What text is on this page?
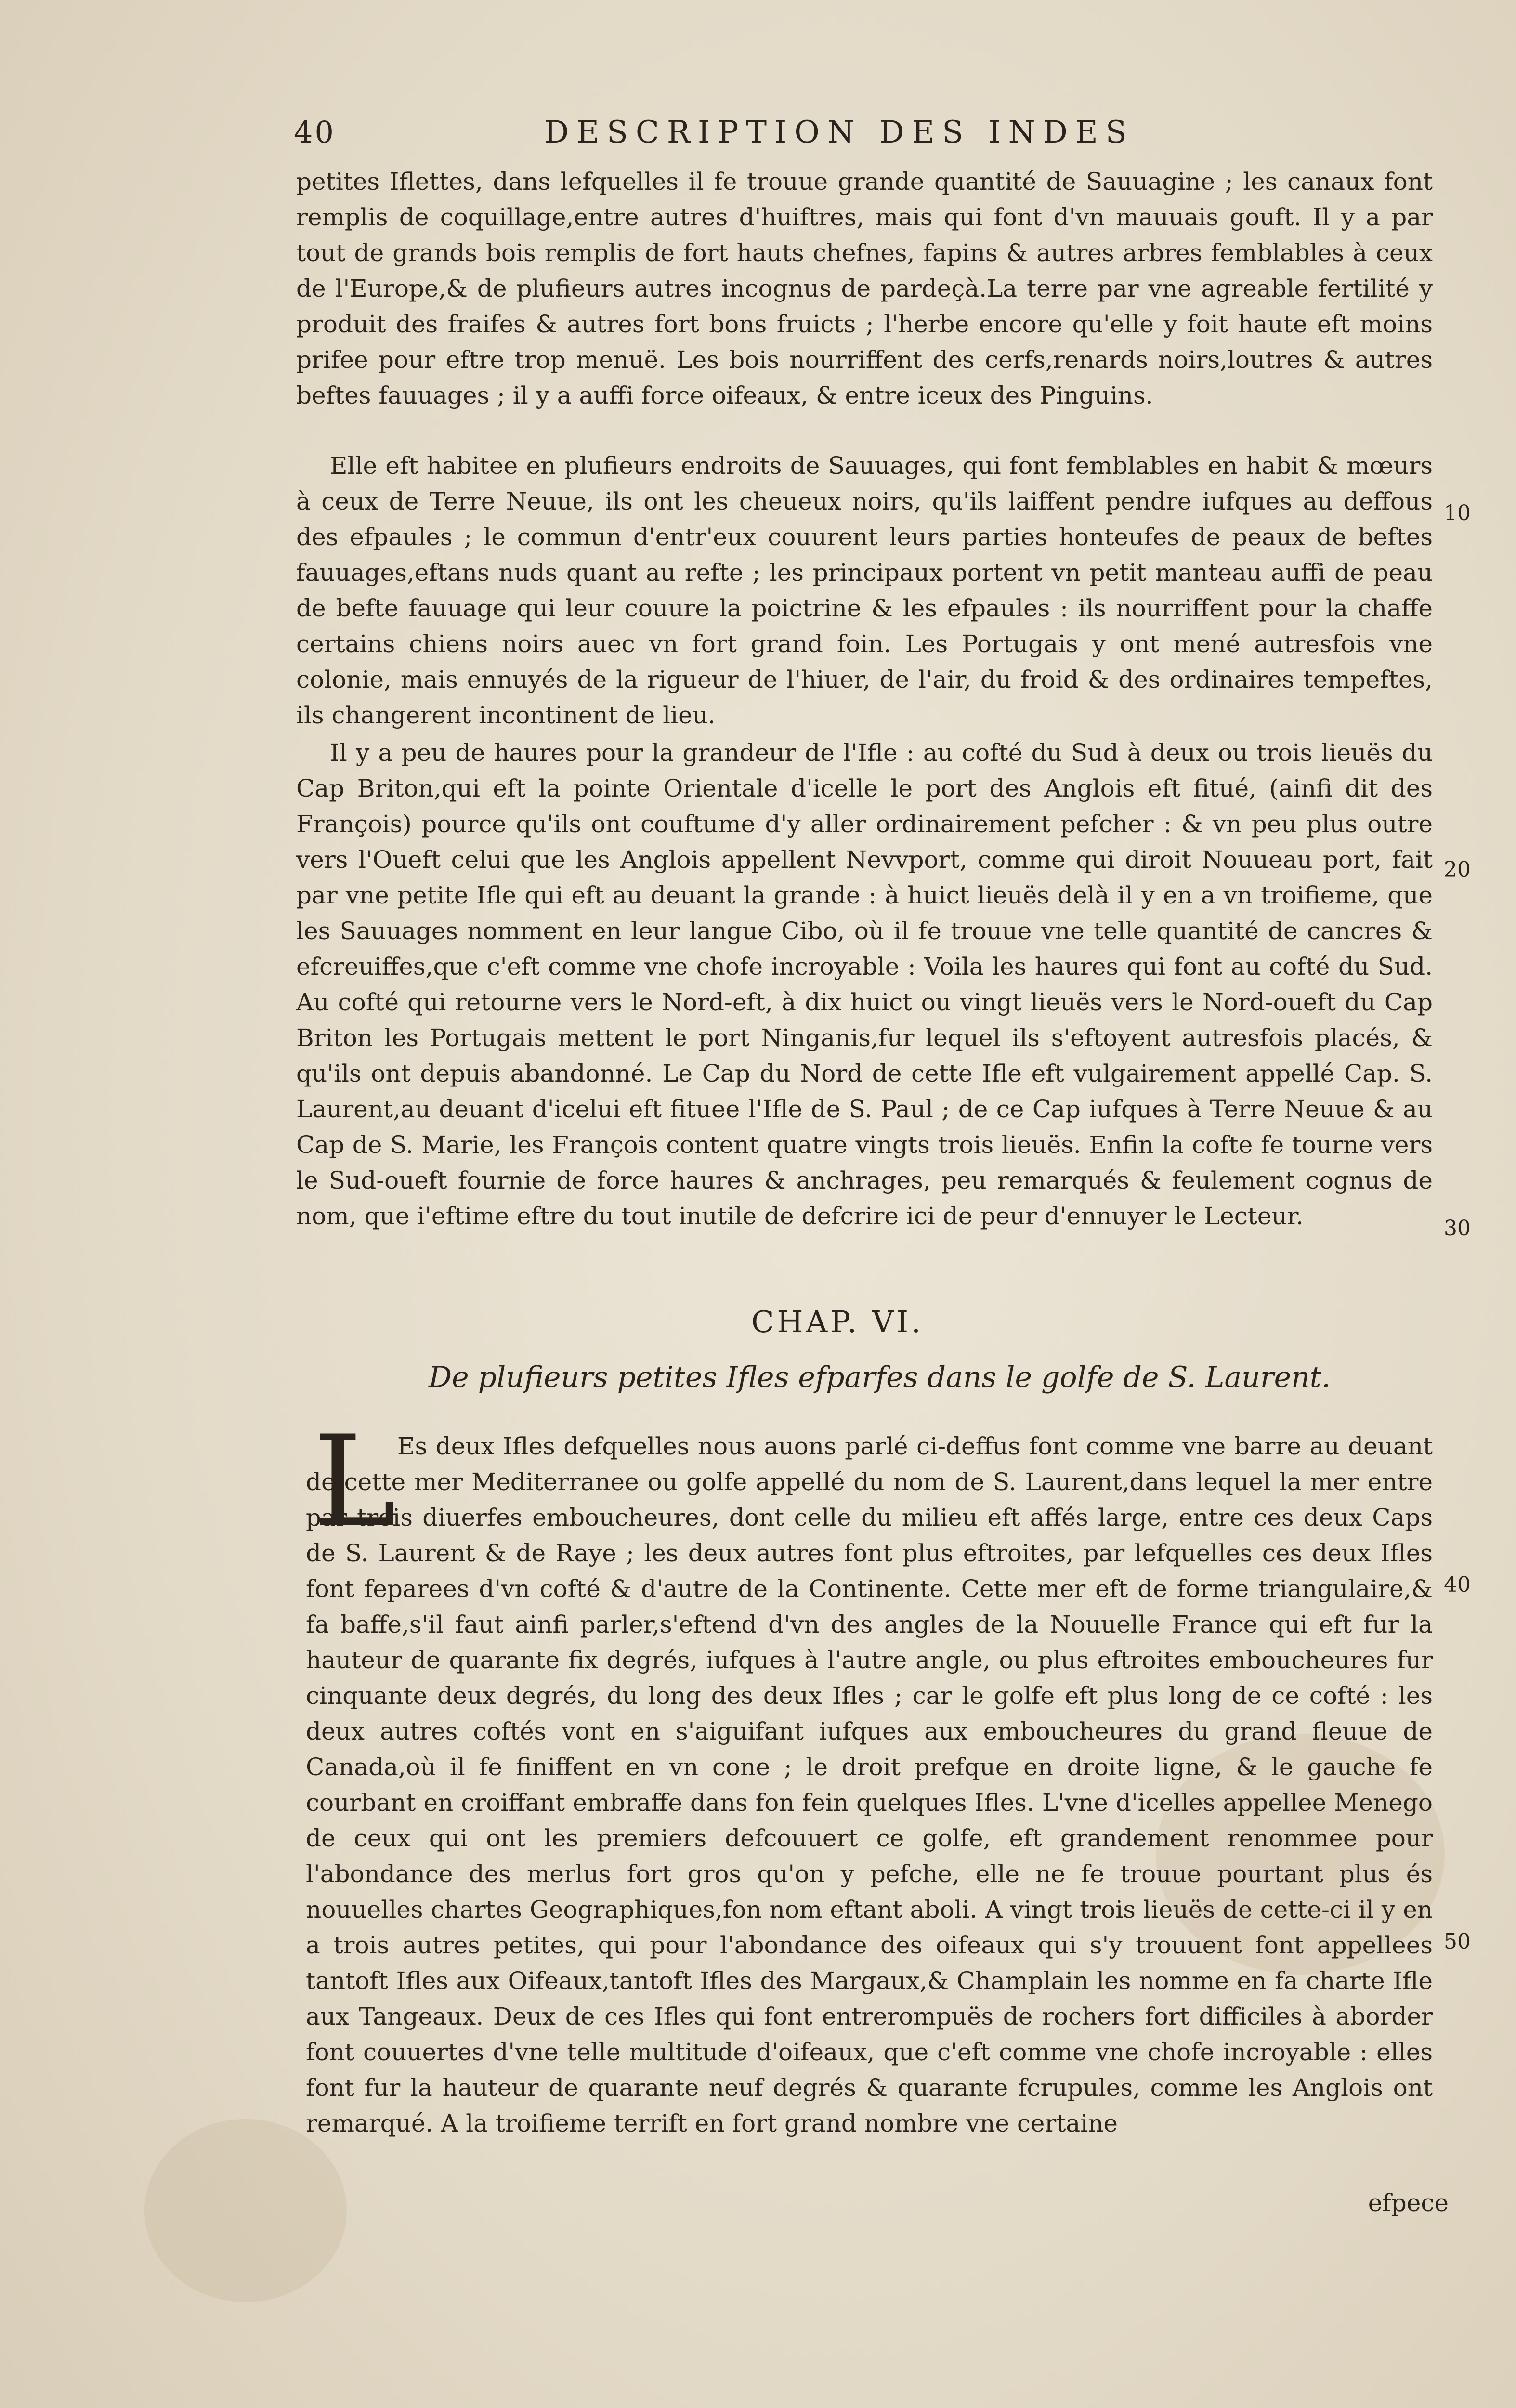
40	DESCRIPTION DES INDES

petites Iflettes, dans lefquelles il fe trouue grande quantité de Sauuagine ; les canaux font remplis de coquillage,entre autres d'huiftres, mais qui font d'vn mauuais gouft. Il y a par tout de grands bois remplis de fort hauts chefnes, fapins & autres arbres femblables à ceux de l'Europe,& de plufieurs autres incognus de pardeçà.La terre par vne agreable fertilité y produit des fraifes & autres fort bons fruicts ; l'herbe encore qu'elle y foit haute eft moins prifee pour eftre trop menuë. Les bois nourriffent des cerfs,renards noirs,loutres & autres beftes fauuages ; il y a auffi force oifeaux, & entre iceux des Pinguins.

Elle eft habitee en plufieurs endroits de Sauuages, qui font femblables en habit & mœurs à ceux de Terre Neuue, ils ont les cheueux noirs, qu'ils laiffent pendre iufques au deffous des efpaules ; le commun d'entr'eux couurent leurs parties honteufes de peaux de beftes fauuages,eftans nuds quant au refte ; les principaux portent vn petit manteau auffi de peau de befte fauuage qui leur couure la poictrine & les efpaules : ils nourriffent pour la chaffe certains chiens noirs auec vn fort grand foin. Les Portugais y ont mené autresfois vne colonie, mais ennuyés de la rigueur de l'hiuer, de l'air, du froid & des ordinaires tempeftes, ils changerent incontinent de lieu.

Il y a peu de haures pour la grandeur de l'Ifle : au cofté du Sud à deux ou trois lieuës du Cap Briton,qui eft la pointe Orientale d'icelle le port des Anglois eft fitué, (ainfi dit des François) pource qu'ils ont couftume d'y aller ordinairement pefcher : & vn peu plus outre vers l'Oueft celui que les Anglois appellent Nevvport, comme qui diroit Nouueau port, fait par vne petite Ifle qui eft au deuant la grande : à huict lieuës delà il y en a vn troifieme, que les Sauuages nomment en leur langue Cibo, où il fe trouue vne telle quantité de cancres & efcreuiffes,que c'eft comme vne chofe incroyable : Voila les haures qui font au cofté du Sud. Au cofté qui retourne vers le Nord-eft, à dix huict ou vingt lieuës vers le Nord-oueft du Cap Briton les Portugais mettent le port Ninganis,fur lequel ils s'eftoyent autresfois placés, & qu'ils ont depuis abandonné. Le Cap du Nord de cette Ifle eft vulgairement appellé Cap. S. Laurent,au deuant d'icelui eft fituee l'Ifle de S. Paul ; de ce Cap iufques à Terre Neuue & au Cap de S. Marie, les François content quatre vingts trois lieuës. Enfin la cofte fe tourne vers le Sud-oueft fournie de force haures & anchrages, peu remarqués & feulement cognus de nom, que i'eftime eftre du tout inutile de defcrire ici de peur d'ennuyer le Lecteur.

CHAP. VI.
De plufieurs petites Ifles efparfes dans le golfe de S. Laurent.
L Es deux Ifles defquelles nous auons parlé ci-deffus font comme vne barre au deuant de cette mer Mediterranee ou golfe appellé du nom de S. Laurent,dans lequel la mer entre par trois diuerfes emboucheures, dont celle du milieu eft affés large, entre ces deux Caps de S. Laurent & de Raye ; les deux autres font plus eftroites, par lefquelles ces deux Ifles font feparees d'vn cofté & d'autre de la Continente. Cette mer eft de forme triangulaire,& fa baffe,s'il faut ainfi parler,s'eftend d'vn des angles de la Nouuelle France qui eft fur la hauteur de quarante fix degrés, iufques à l'autre angle, ou plus eftroites emboucheures fur cinquante deux degrés, du long des deux Ifles ; car le golfe eft plus long de ce cofté : les deux autres coftés vont en s'aiguifant iufques aux emboucheures du grand fleuue de Canada,où il fe finiffent en vn cone ; le droit prefque en droite ligne, & le gauche fe courbant en croiffant embraffe dans fon fein quelques Ifles. L'vne d'icelles appellee Menego de ceux qui ont les premiers defcouuert ce golfe, eft grandement renommee pour l'abondance des merlus fort gros qu'on y pefche, elle ne fe trouue pourtant plus és nouuelles chartes Geographiques,fon nom eftant aboli. A vingt trois lieuës de cette-ci il y en a trois autres petites, qui pour l'abondance des oifeaux qui s'y trouuent font appellees tantoft Ifles aux Oifeaux,tantoft Ifles des Margaux,& Champlain les nomme en fa charte Ifle aux Tangeaux. Deux de ces Ifles qui font entrerompuës de rochers fort difficiles à aborder font couuertes d'vne telle multitude d'oifeaux, que c'eft comme vne chofe incroyable : elles font fur la hauteur de quarante neuf degrés & quarante fcrupules, comme les Anglois ont remarqué. A la troifieme terrift en fort grand nombre vne certaine

efpece
10
20
30
40
50
